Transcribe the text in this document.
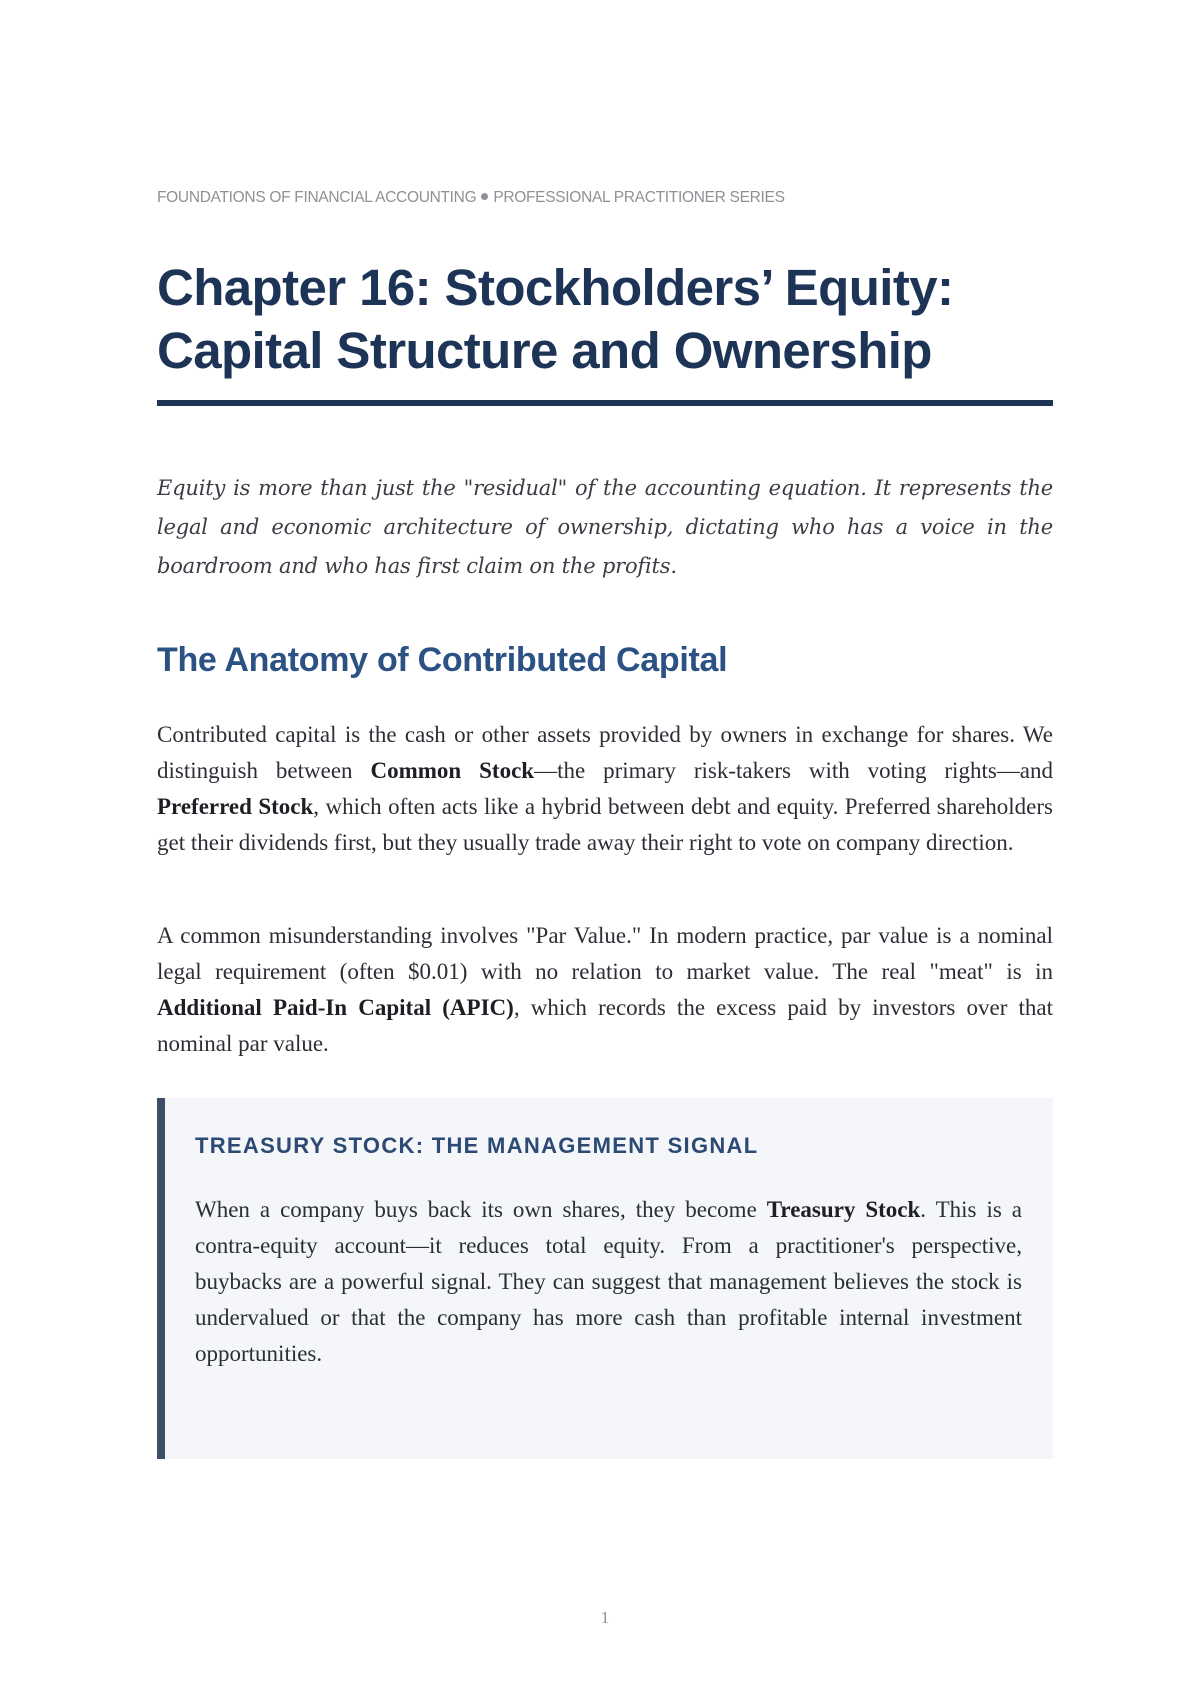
FOUNDATIONS OF FINANCIAL ACCOUNTING PROFESSIONAL PRACTITIONER SERIES
Chapter 16: Stockholders’ Equity:
Capital Structure and Ownership

Equity is more than just the "residual" of the accounting equation. It represents the legal and economic architecture of ownership, dictating who has a voice in the boardroom and who has first claim on the profits.

The Anatomy of Contributed Capital

Contributed capital is the cash or other assets provided by owners in exchange for shares. We distinguish between Common Stock—the primary risk-takers with voting rights—and Preferred Stock, which often acts like a hybrid between debt and equity. Preferred shareholders get their dividends first, but they usually trade away their right to vote on company direction.

A common misunderstanding involves "Par Value." In modern practice, par value is a nominal legal requirement (often $0.01) with no relation to market value. The real "meat" is in Additional Paid-In Capital (APIC), which records the excess paid by investors over that nominal par value.

TREASURY STOCK: THE MANAGEMENT SIGNAL

When a company buys back its own shares, they become Treasury Stock. This is a contra-equity account—it reduces total equity. From a practitioner's perspective, buybacks are a powerful signal. They can suggest that management believes the stock is undervalued or that the company has more cash than profitable internal investment opportunities.

1
